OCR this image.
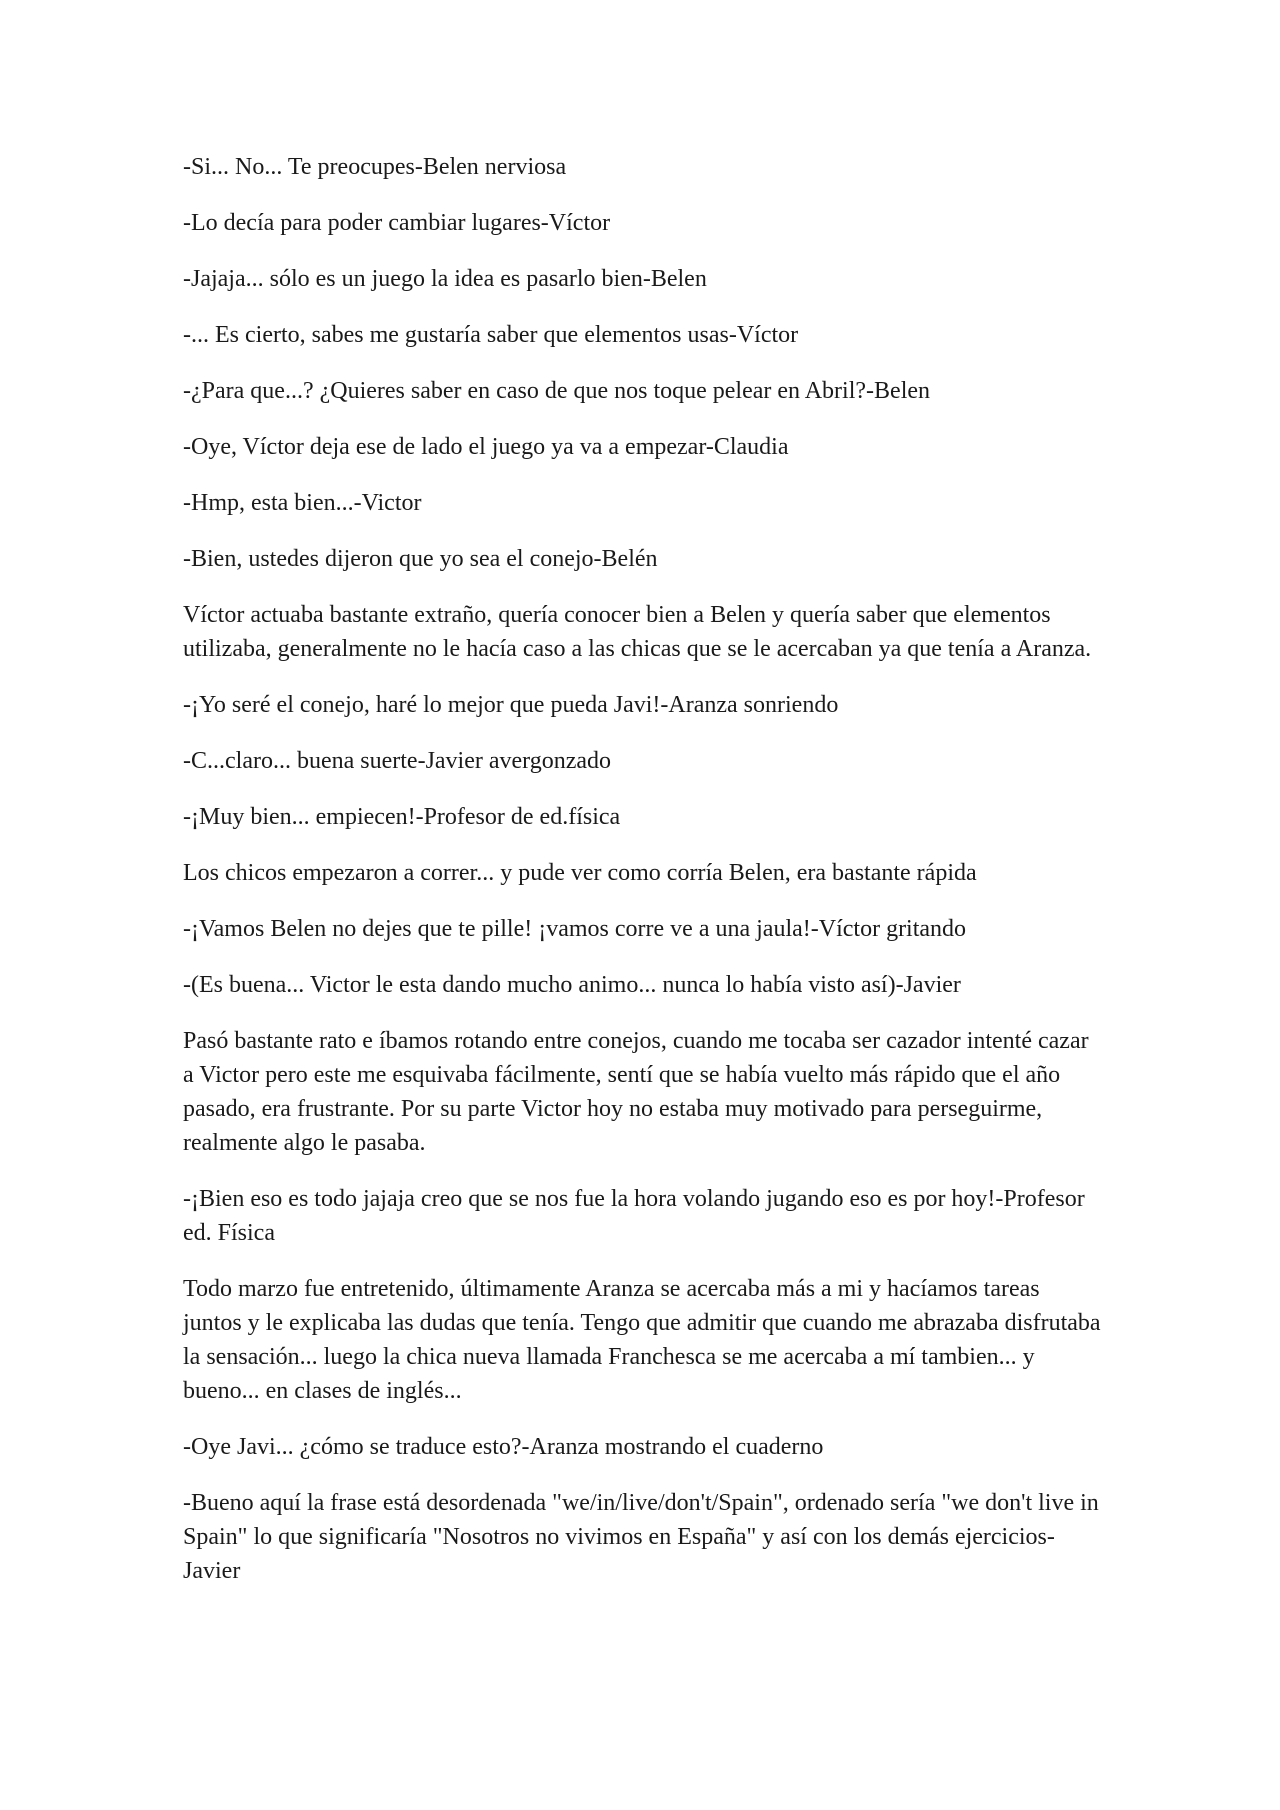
-Si... No... Te preocupes-Belen nerviosa

-Lo decía para poder cambiar lugares-Víctor

-Jajaja... sólo es un juego la idea es pasarlo bien-Belen

-... Es cierto, sabes me gustaría saber que elementos usas-Víctor

-¿Para que...? ¿Quieres saber en caso de que nos toque pelear en Abril?-Belen

-Oye, Víctor deja ese de lado el juego ya va a empezar-Claudia

-Hmp, esta bien...-Victor

-Bien, ustedes dijeron que yo sea el conejo-Belén

Víctor actuaba bastante extraño, quería conocer bien a Belen y quería saber que elementos utilizaba, generalmente no le hacía caso a las chicas que se le acercaban ya que tenía a Aranza.

-¡Yo seré el conejo, haré lo mejor que pueda Javi!-Aranza sonriendo

-C...claro... buena suerte-Javier avergonzado

-¡Muy bien... empiecen!-Profesor de ed.física

Los chicos empezaron a correr... y pude ver como corría Belen, era bastante rápida

-¡Vamos Belen no dejes que te pille! ¡vamos corre ve a una jaula!-Víctor gritando

-(Es buena... Victor le esta dando mucho animo... nunca lo había visto así)-Javier

Pasó bastante rato e íbamos rotando entre conejos, cuando me tocaba ser cazador intenté cazar a Victor pero este me esquivaba fácilmente, sentí que se había vuelto más rápido que el año pasado, era frustrante. Por su parte Victor hoy no estaba muy motivado para perseguirme, realmente algo le pasaba.

-¡Bien eso es todo jajaja creo que se nos fue la hora volando jugando eso es por hoy!-Profesor ed. Física

Todo marzo fue entretenido, últimamente Aranza se acercaba más a mi y hacíamos tareas juntos y le explicaba las dudas que tenía. Tengo que admitir que cuando me abrazaba disfrutaba la sensación... luego la chica nueva llamada Franchesca se me acercaba a mí tambien... y bueno... en clases de inglés...

-Oye Javi... ¿cómo se traduce esto?-Aranza mostrando el cuaderno

-Bueno aquí la frase está desordenada "we/in/live/don't/Spain", ordenado sería "we don't live in Spain" lo que significaría "Nosotros no vivimos en España" y así con los demás ejercicios-Javier
